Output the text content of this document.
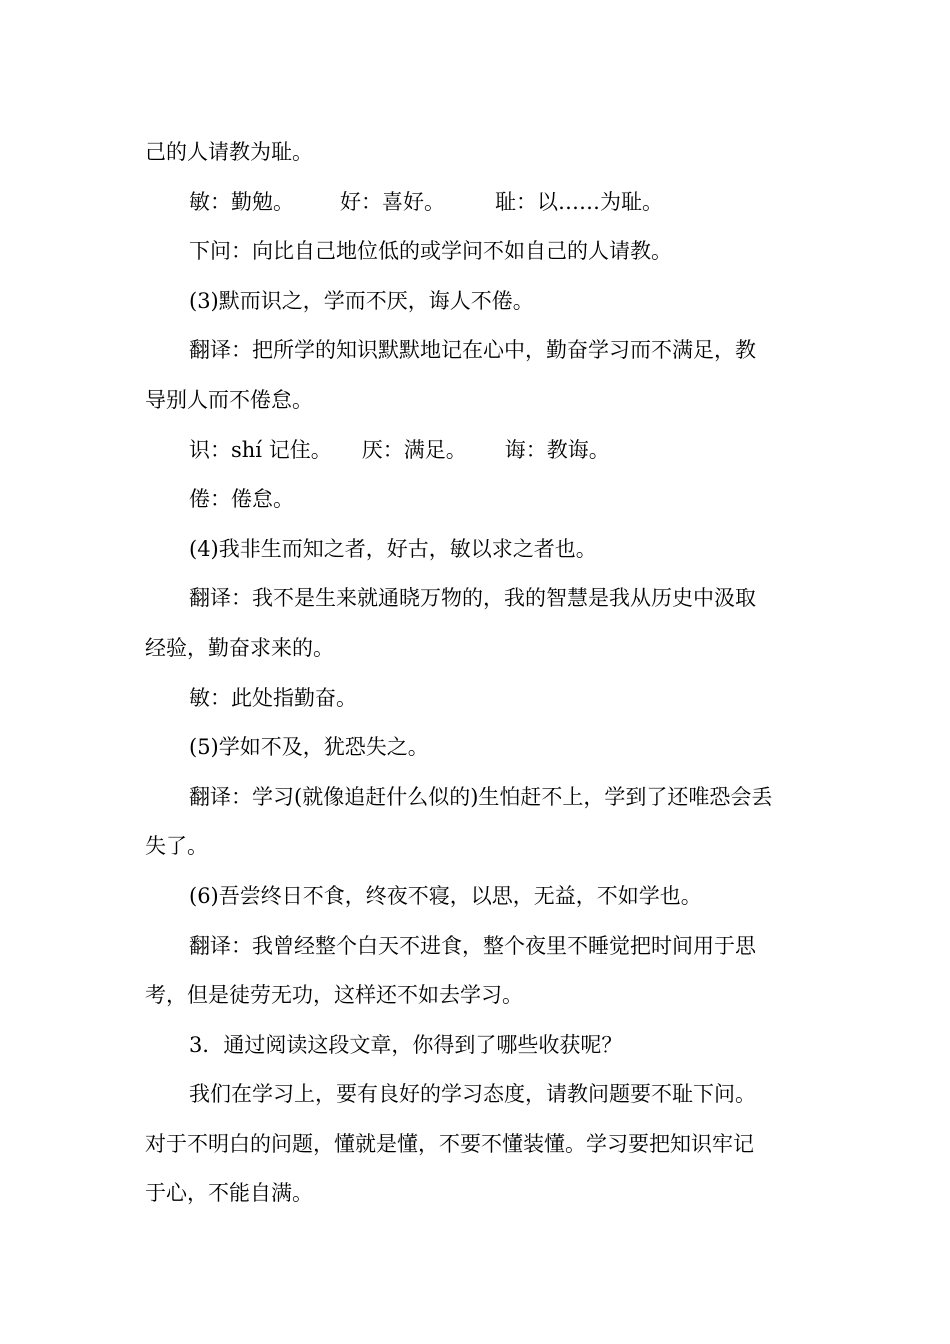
己的人请教为耻。
敏：勤勉。 好：喜好。 耻：以……为耻。
下问：向比自己地位低的或学问不如自己的人请教。
(3)默而识之，学而不厌，诲人不倦。
翻译：把所学的知识默默地记在心中，勤奋学习而不满足，教
导别人而不倦怠。
识：shí 记住。 厌：满足。 诲：教诲。
倦：倦怠。
(4)我非生而知之者，好古，敏以求之者也。
翻译：我不是生来就通晓万物的，我的智慧是我从历史中汲取
经验，勤奋求来的。
敏：此处指勤奋。
(5)学如不及，犹恐失之。
翻译：学习(就像追赶什么似的)生怕赶不上，学到了还唯恐会丢
失了。
(6)吾尝终日不食，终夜不寝，以思，无益，不如学也。
翻译：我曾经整个白天不进食，整个夜里不睡觉把时间用于思
考，但是徒劳无功，这样还不如去学习。
3．通过阅读这段文章，你得到了哪些收获呢？
我们在学习上，要有良好的学习态度，请教问题要不耻下问。
对于不明白的问题，懂就是懂，不要不懂装懂。学习要把知识牢记
于心，不能自满。
